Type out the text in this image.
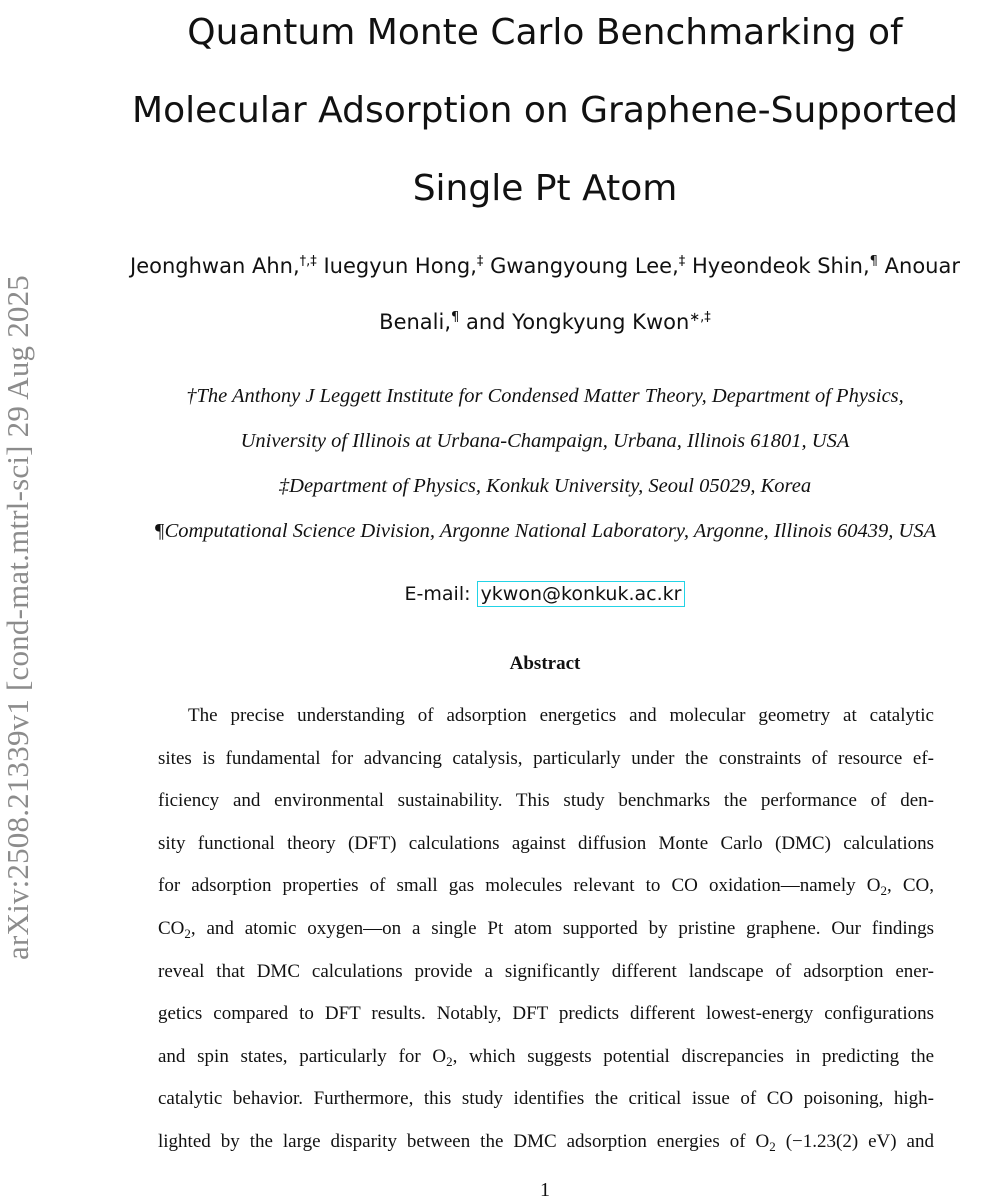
arXiv:2508.21339v1 [cond-mat.mtrl-sci] 29 Aug 2025
Quantum Monte Carlo Benchmarking of
Molecular Adsorption on Graphene-Supported
Single Pt Atom
Jeonghwan Ahn,†,‡ Iuegyun Hong,‡ Gwangyoung Lee,‡ Hyeondeok Shin,¶ Anouar
Benali,¶ and Yongkyung Kwon∗,‡
†The Anthony J Leggett Institute for Condensed Matter Theory, Department of Physics,
University of Illinois at Urbana-Champaign, Urbana, Illinois 61801, USA
‡Department of Physics, Konkuk University, Seoul 05029, Korea
¶Computational Science Division, Argonne National Laboratory, Argonne, Illinois 60439, USA
E-mail: ykwon@konkuk.ac.kr
Abstract
The precise understanding of adsorption energetics and molecular geometry at catalytic
sites is fundamental for advancing catalysis, particularly under the constraints of resource ef-
ficiency and environmental sustainability. This study benchmarks the performance of den-
sity functional theory (DFT) calculations against diffusion Monte Carlo (DMC) calculations
for adsorption properties of small gas molecules relevant to CO oxidation—namely $O_2$, CO,
$CO_2$, and atomic oxygen—on a single Pt atom supported by pristine graphene. Our findings
reveal that DMC calculations provide a significantly different landscape of adsorption ener-
getics compared to DFT results. Notably, DFT predicts different lowest-energy configurations
and spin states, particularly for $O_2$, which suggests potential discrepancies in predicting the
catalytic behavior. Furthermore, this study identifies the critical issue of CO poisoning, high-
lighted by the large disparity between the DMC adsorption energies of $O_2$ (−1.23(2) eV) and
1
